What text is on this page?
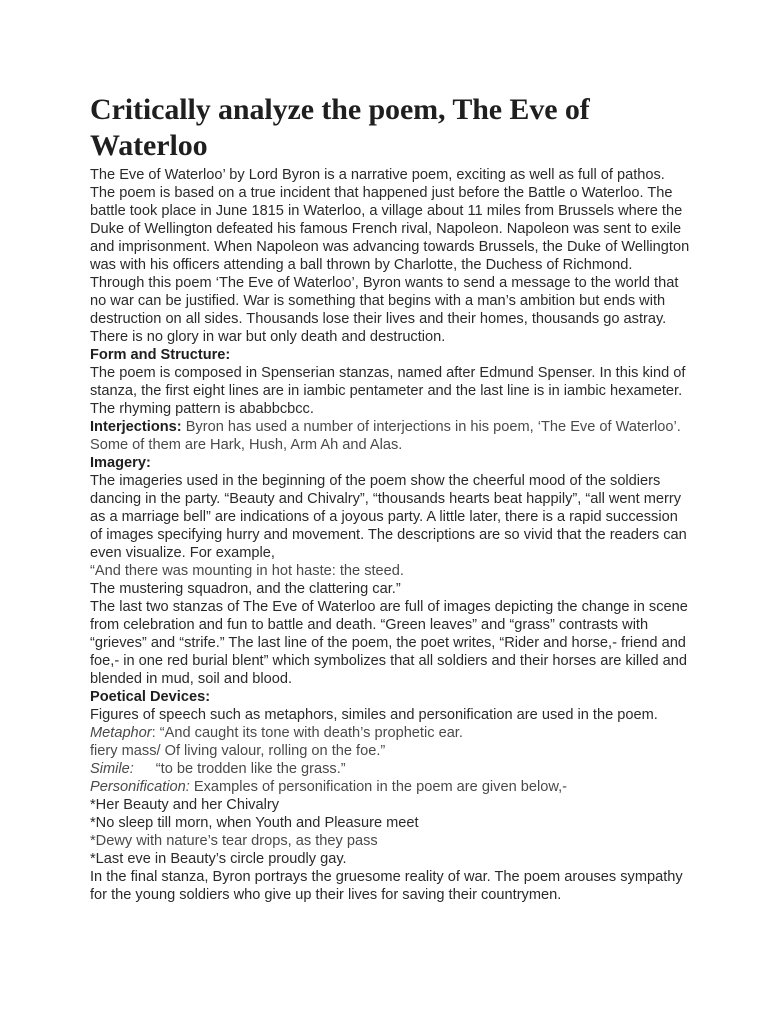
Critically analyze the poem, The Eve of Waterloo

The Eve of Waterloo’ by Lord Byron is a narrative poem, exciting as well as full of pathos. The poem is based on a true incident that happened just before the Battle o Waterloo. The battle took place in June 1815 in Waterloo, a village about 11 miles from Brussels where the Duke of Wellington defeated his famous French rival, Napoleon. Napoleon was sent to exile and imprisonment. When Napoleon was advancing towards Brussels, the Duke of Wellington was with his officers attending a ball thrown by Charlotte, the Duchess of Richmond.

Through this poem ‘The Eve of Waterloo’, Byron wants to send a message to the world that no war can be justified. War is something that begins with a man’s ambition but ends with destruction on all sides. Thousands lose their lives and their homes, thousands go astray. There is no glory in war but only death and destruction.

Form and Structure:

The poem is composed in Spenserian stanzas, named after Edmund Spenser. In this kind of stanza, the first eight lines are in iambic pentameter and the last line is in iambic hexameter. The rhyming pattern is ababbcbcc.

Interjections: Byron has used a number of interjections in his poem, ‘The Eve of Waterloo’. Some of them are Hark, Hush, Arm Ah and Alas.

Imagery:

The imageries used in the beginning of the poem show the cheerful mood of the soldiers dancing in the party. “Beauty and Chivalry”, “thousands hearts beat happily”, “all went merry as a marriage bell” are indications of a joyous party. A little later, there is a rapid succession of images specifying hurry and movement. The descriptions are so vivid that the readers can even visualize. For example,

“And there was mounting in hot haste: the steed.

The mustering squadron, and the clattering car.”

The last two stanzas of The Eve of Waterloo are full of images depicting the change in scene from celebration and fun to battle and death. “Green leaves” and “grass” contrasts with “grieves” and “strife.” The last line of the poem, the poet writes, “Rider and horse,- friend and foe,- in one red burial blent” which symbolizes that all soldiers and their horses are killed and blended in mud, soil and blood.

Poetical Devices:

Figures of speech such as metaphors, similes and personification are used in the poem.

Metaphor: “And caught its tone with death’s prophetic ear.

fiery mass/ Of living valour, rolling on the foe.”

Simile: “to be trodden like the grass.”

Personification: Examples of personification in the poem are given below,-

*Her Beauty and her Chivalry

*No sleep till morn, when Youth and Pleasure meet

*Dewy with nature’s tear drops, as they pass

*Last eve in Beauty’s circle proudly gay.

In the final stanza, Byron portrays the gruesome reality of war. The poem arouses sympathy for the young soldiers who give up their lives for saving their countrymen.
